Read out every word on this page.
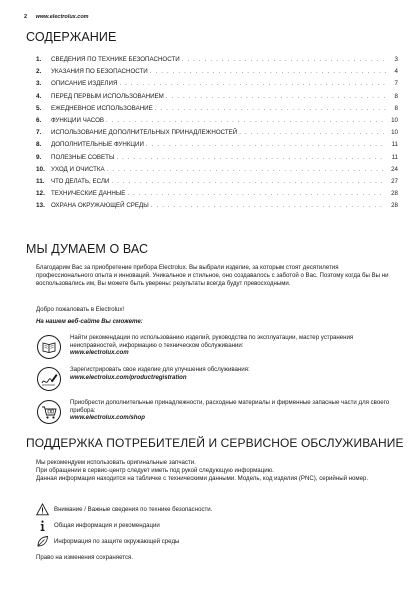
2 www.electrolux.com
СОДЕРЖАНИЕ
1.	СВЕДЕНИЯ ПО ТЕХНИКЕ БЕЗОПАСНОСТИ . . .	3
2.	УКАЗАНИЯ ПО БЕЗОПАСНОСТИ . . .	4
3.	ОПИСАНИЕ ИЗДЕЛИЯ . . .	7
4.	ПЕРЕД ПЕРВЫМ ИСПОЛЬЗОВАНИЕМ . . .	8
5.	ЕЖЕДНЕВНОЕ ИСПОЛЬЗОВАНИЕ . . .	8
6.	ФУНКЦИИ ЧАСОВ . . .	10
7.	ИСПОЛЬЗОВАНИЕ ДОПОЛНИТЕЛЬНЫХ ПРИНАДЛЕЖНОСТЕЙ . . .	10
8.	ДОПОЛНИТЕЛЬНЫЕ ФУНКЦИИ . . .	11
9.	ПОЛЕЗНЫЕ СОВЕТЫ . . .	11
10. УХОД И ОЧИСТКА . . .	24
11.	ЧТО ДЕЛАТЬ, ЕСЛИ . . .	27
12. ТЕХНИЧЕСКИЕ ДАННЫЕ . . .	28
13. ОХРАНА ОКРУЖАЮЩЕЙ СРЕДЫ . . .	28
МЫ ДУМАЕМ О ВАС
Благодарим Вас за приобретение прибора Electrolux. Вы выбрали изделие, за которым стоят десятилетия профессионального опыта и инноваций. Уникальное и стильное, оно создавалось с заботой о Вас. Поэтому когда бы Вы ни воспользовались им, Вы можете быть уверены: результаты всегда будут превосходными.
Добро пожаловать в Electrolux!
На нашем веб-сайте Вы сможете:
Найти рекомендации по использованию изделий, руководства по эксплуатации, мастер устранения неисправностей, информацию о техническом обслуживании:
www.electrolux.com
Зарегистрировать свое изделие для улучшения обслуживания:
www.electrolux.com/productregistration
Приобрести дополнительные принадлежности, расходные материалы и фирменные запасные части для своего прибора:
www.electrolux.com/shop
ПОДДЕРЖКА ПОТРЕБИТЕЛЕЙ И СЕРВИСНОЕ ОБСЛУЖИВАНИЕ
Мы рекомендуем использовать оригинальные запчасти.
При обращении в сервис-центр следует иметь под рукой следующую информацию.
Данная информация находится на табличке с техническими данными. Модель, код изделия (PNC), серийный номер.
Внимание / Важные сведения по технике безопасности.
Общая информация и рекомендации
Информация по защите окружающей среды
Право на изменения сохраняется.
